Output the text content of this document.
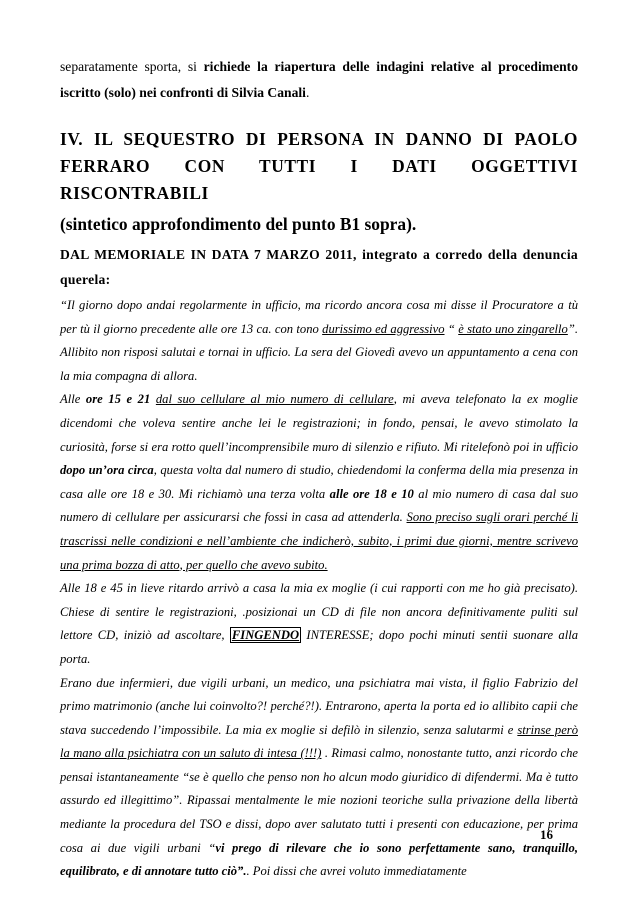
separatamente sporta, si richiede la riapertura delle indagini relative al procedimento iscritto (solo) nei confronti di Silvia Canali.

IV. IL SEQUESTRO DI PERSONA IN DANNO DI PAOLO FERRARO CON TUTTI I DATI OGGETTIVI RISCONTRABILI
(sintetico approfondimento del punto B1 sopra).

DAL MEMORIALE IN DATA 7 MARZO 2011, integrato a corredo della denuncia querela:

“Il giorno dopo andai regolarmente in ufficio, ma ricordo ancora cosa mi disse il Procuratore a tù per tù il giorno precedente alle ore 13 ca. con tono durissimo ed aggressivo “ è stato uno zingarello”. Allibito non risposi salutai e tornai in ufficio. La sera del Giovedì avevo un appuntamento a cena con la mia compagna di allora.

Alle ore 15 e 21 dal suo cellulare al mio numero di cellulare, mi aveva telefonato la ex moglie dicendomi che voleva sentire anche lei le registrazioni; in fondo, pensai, le avevo stimolato la curiosità, forse si era rotto quell’incomprensibile muro di silenzio e rifiuto. Mi ritelefonò poi in ufficio dopo un’ora circa, questa volta dal numero di studio, chiedendomi la conferma della mia presenza in casa alle ore 18 e 30. Mi richiamò una terza volta alle ore 18 e 10 al mio numero di casa dal suo numero di cellulare per assicurarsi che fossi in casa ad attenderla. Sono preciso sugli orari perché li trascrissi nelle condizioni e nell’ambiente che indicherò, subito, i primi due giorni, mentre scrivevo una prima bozza di atto, per quello che avevo subito.

Alle 18 e 45 in lieve ritardo arrivò a casa la mia ex moglie (i cui rapporti con me ho già precisato). Chiese di sentire le registrazioni, .posizionai un CD di file non ancora definitivamente puliti sul lettore CD, iniziò ad ascoltare, FINGENDO INTERESSE; dopo pochi minuti sentii suonare alla porta.

Erano due infermieri, due vigili urbani, un medico, una psichiatra mai vista, il figlio Fabrizio del primo matrimonio (anche lui coinvolto?! perché?!). Entrarono, aperta la porta ed io allibito capii che stava succedendo l’impossibile. La mia ex moglie si defilò in silenzio, senza salutarmi e strinse però la mano alla psichiatra con un saluto di intesa (!!!) . Rimasi calmo, nonostante tutto, anzi ricordo che pensai istantaneamente “se è quello che penso non ho alcun modo giuridico di difendermi. Ma è tutto assurdo ed illegittimo”. Ripassai mentalmente le mie nozioni teoriche sulla privazione della libertà mediante la procedura del TSO e dissi, dopo aver salutato tutti i presenti con educazione, per prima cosa ai due vigili urbani “vi prego di rilevare che io sono perfettamente sano, tranquillo, equilibrato, e di annotare tutto ciò”.. Poi dissi che avrei voluto immediatamente

16
